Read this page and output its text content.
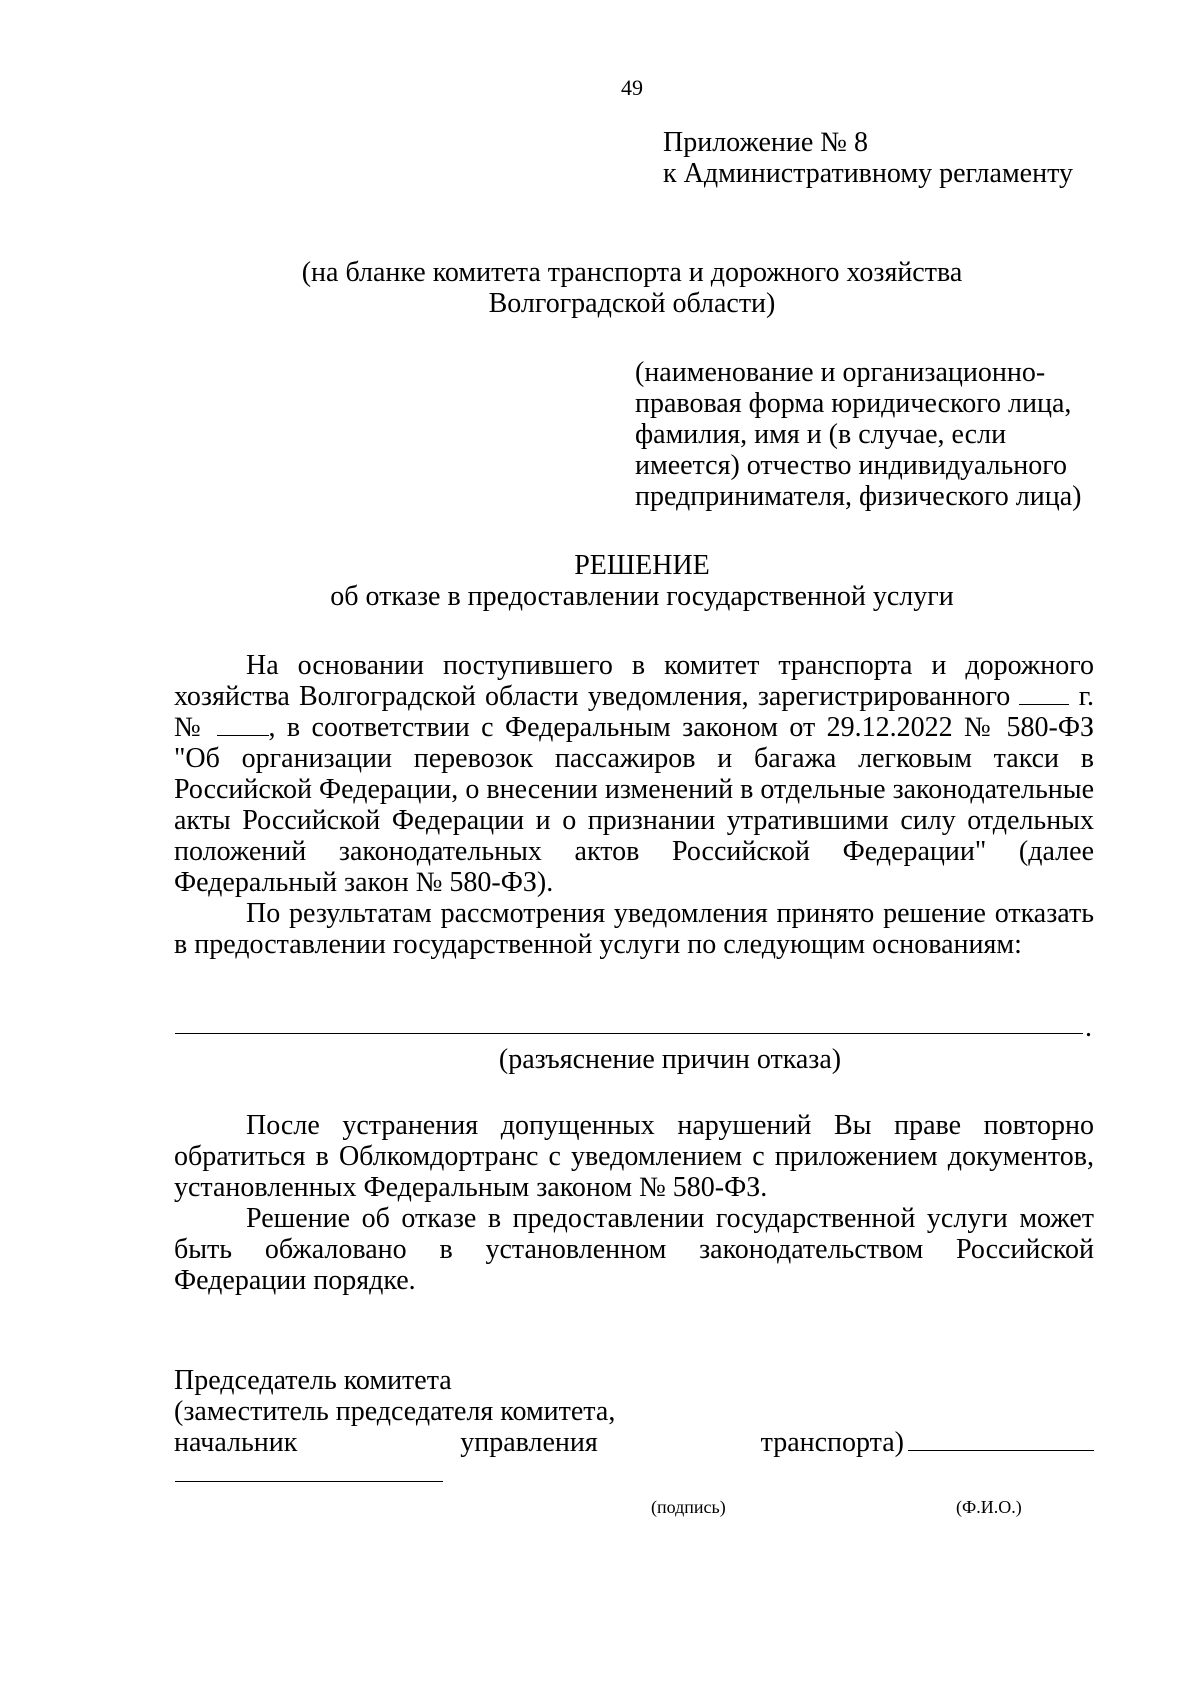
49
Приложение № 8
к Административному регламенту
(на бланке комитета транспорта и дорожного хозяйства
Волгоградской области)
(наименование и организационно-
правовая форма юридического лица,
фамилия, имя и (в случае, если
имеется) отчество индивидуального
предпринимателя, физического лица)
РЕШЕНИЕ
об отказе в предоставлении государственной услуги

На основании поступившего в комитет транспорта и дорожного хозяйства Волгоградской области уведомления, зарегистрированного г. № , в соответствии с Федеральным законом от 29.12.2022 № 580-ФЗ "Об организации перевозок пассажиров и багажа легковым такси в Российской Федерации, о внесении изменений в отдельные законодательные акты Российской Федерации и о признании утратившими силу отдельных положений законодательных актов Российской Федерации" (далее Федеральный закон № 580-ФЗ).

По результатам рассмотрения уведомления принято решение отказать в предоставлении государственной услуги по следующим основаниям:

.
(разъяснение причин отказа)

После устранения допущенных нарушений Вы праве повторно обратиться в Облкомдортранс с уведомлением с приложением документов, установленных Федеральным законом № 580-ФЗ.

Решение об отказе в предоставлении государственной услуги может быть обжаловано в установленном законодательством Российской Федерации порядке.

Председатель комитета
(заместитель председателя комитета,
начальник	управления	транспорта)
(подпись)	(Ф.И.О.)
